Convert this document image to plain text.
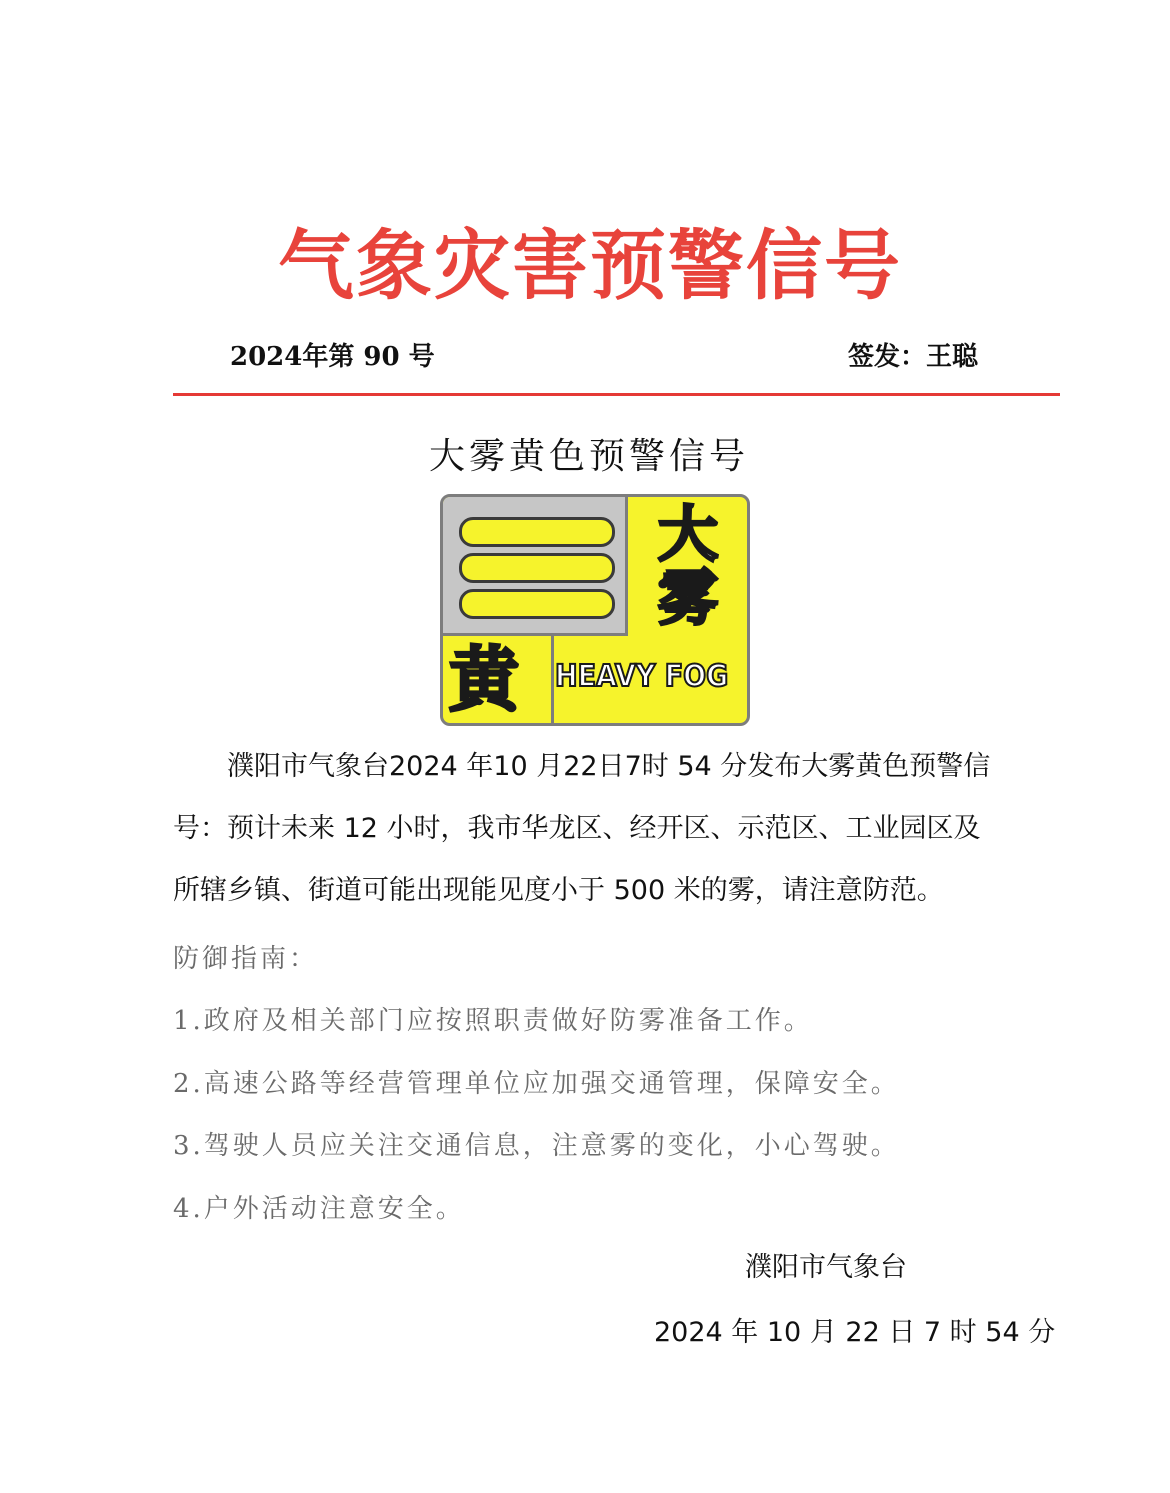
气象灾害预警信号
2024年第 90 号	签发：王聪
大雾黄色预警信号
大
雾
黄 HEAVY FOG
濮阳市气象台2024 年10 月22日7时 54 分发布大雾黄色预警信
号：预计未来 12 小时，我市华龙区、经开区、示范区、工业园区及
所辖乡镇、街道可能出现能见度小于 500 米的雾，请注意防范。
防御指南：
1.政府及相关部门应按照职责做好防雾准备工作。
2.高速公路等经营管理单位应加强交通管理，保障安全。
3.驾驶人员应关注交通信息，注意雾的变化，小心驾驶。
4.户外活动注意安全。
濮阳市气象台
2024 年 10 月 22 日 7 时 54 分
